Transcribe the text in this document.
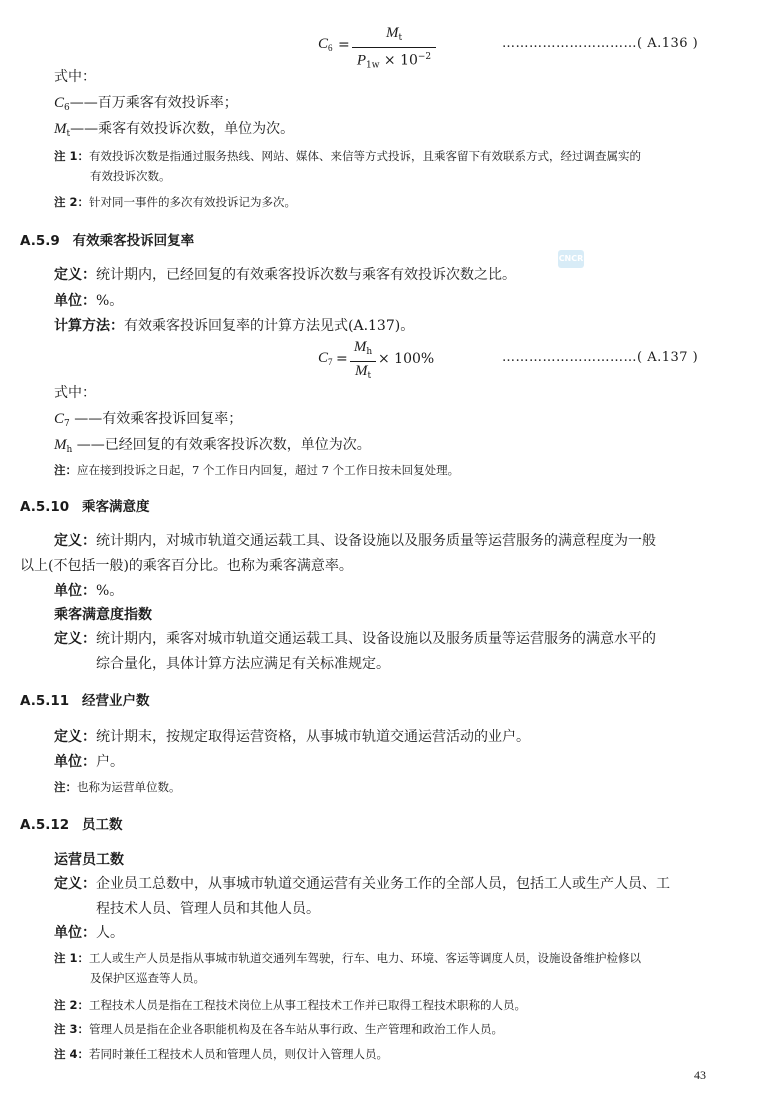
$C_6$ =
$M_t$
$P_{1w} \times 10^{-2}$
…………………………( A.136 )
式中：
$C_6——$百万乘客有效投诉率；
$M_t——$乘客有效投诉次数，单位为次。
注 1：有效投诉次数是指通过服务热线、网站、媒体、来信等方式投诉，且乘客留下有效联系方式，经过调查属实的
有效投诉次数。
注 2：针对同一事件的多次有效投诉记为多次。
A.5.9 有效乘客投诉回复率
CNCR
定义：统计期内，已经回复的有效乘客投诉次数与乘客有效投诉次数之比。
单位：%。
计算方法：有效乘客投诉回复率的计算方法见式(A.137)。
$C_7$ =
$M_h$
$M_t$
× 100%	…………………………( A.137 )
式中：
$C_7$ ——有效乘客投诉回复率；
$M_h$ ——已经回复的有效乘客投诉次数，单位为次。
注：应在接到投诉之日起，7 个工作日内回复，超过 7 个工作日按未回复处理。
A.5.10 乘客满意度
定义：统计期内，对城市轨道交通运载工具、设备设施以及服务质量等运营服务的满意程度为一般
以上(不包括一般)的乘客百分比。也称为乘客满意率。
单位：%。
乘客满意度指数
定义：统计期内，乘客对城市轨道交通运载工具、设备设施以及服务质量等运营服务的满意水平的
综合量化，具体计算方法应满足有关标准规定。
A.5.11 经营业户数
定义：统计期末，按规定取得运营资格，从事城市轨道交通运营活动的业户。
单位：户。
注：也称为运营单位数。
A.5.12 员工数
运营员工数
定义：企业员工总数中，从事城市轨道交通运营有关业务工作的全部人员，包括工人或生产人员、工
程技术人员、管理人员和其他人员。
单位：人。
注 1：工人或生产人员是指从事城市轨道交通列车驾驶，行车、电力、环境、客运等调度人员，设施设备维护检修以
及保护区巡查等人员。
注 2：工程技术人员是指在工程技术岗位上从事工程技术工作并已取得工程技术职称的人员。
注 3：管理人员是指在企业各职能机构及在各车站从事行政、生产管理和政治工作人员。
注 4：若同时兼任工程技术人员和管理人员，则仅计入管理人员。
43
